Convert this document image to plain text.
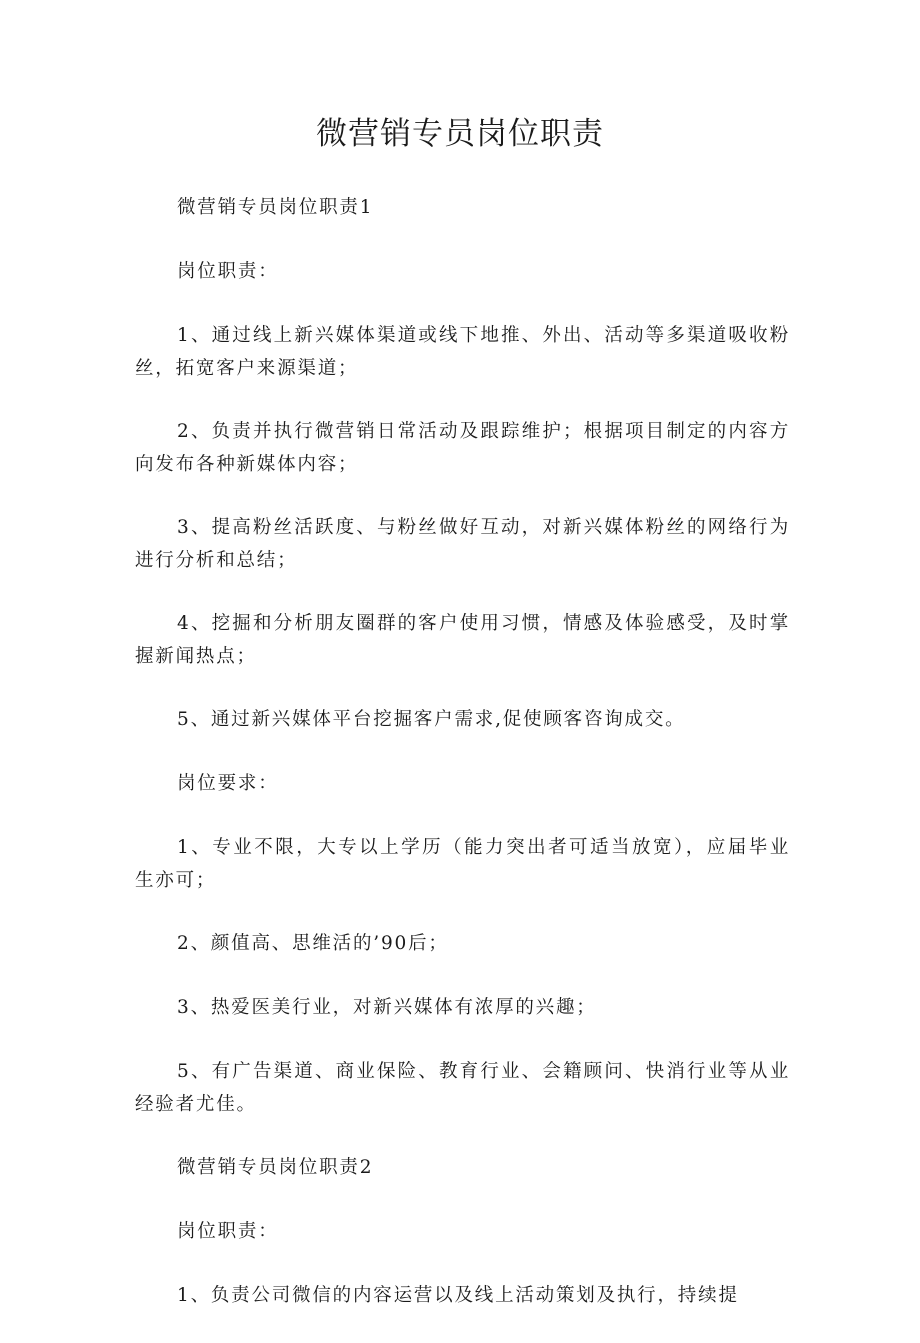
微营销专员岗位职责

微营销专员岗位职责1

岗位职责：

1、通过线上新兴媒体渠道或线下地推、外出、活动等多渠道吸收粉丝，拓宽客户来源渠道；

2、负责并执行微营销日常活动及跟踪维护；根据项目制定的内容方向发布各种新媒体内容；

3、提高粉丝活跃度、与粉丝做好互动，对新兴媒体粉丝的网络行为进行分析和总结；

4、挖掘和分析朋友圈群的客户使用习惯，情感及体验感受，及时掌握新闻热点；

5、通过新兴媒体平台挖掘客户需求,促使顾客咨询成交。

岗位要求：

1、专业不限，大专以上学历（能力突出者可适当放宽），应届毕业生亦可；

2、颜值高、思维活的’90后；

3、热爱医美行业，对新兴媒体有浓厚的兴趣；

5、有广告渠道、商业保险、教育行业、会籍顾问、快消行业等从业经验者尤佳。

微营销专员岗位职责2

岗位职责：

1、负责公司微信的内容运营以及线上活动策划及执行，持续提
